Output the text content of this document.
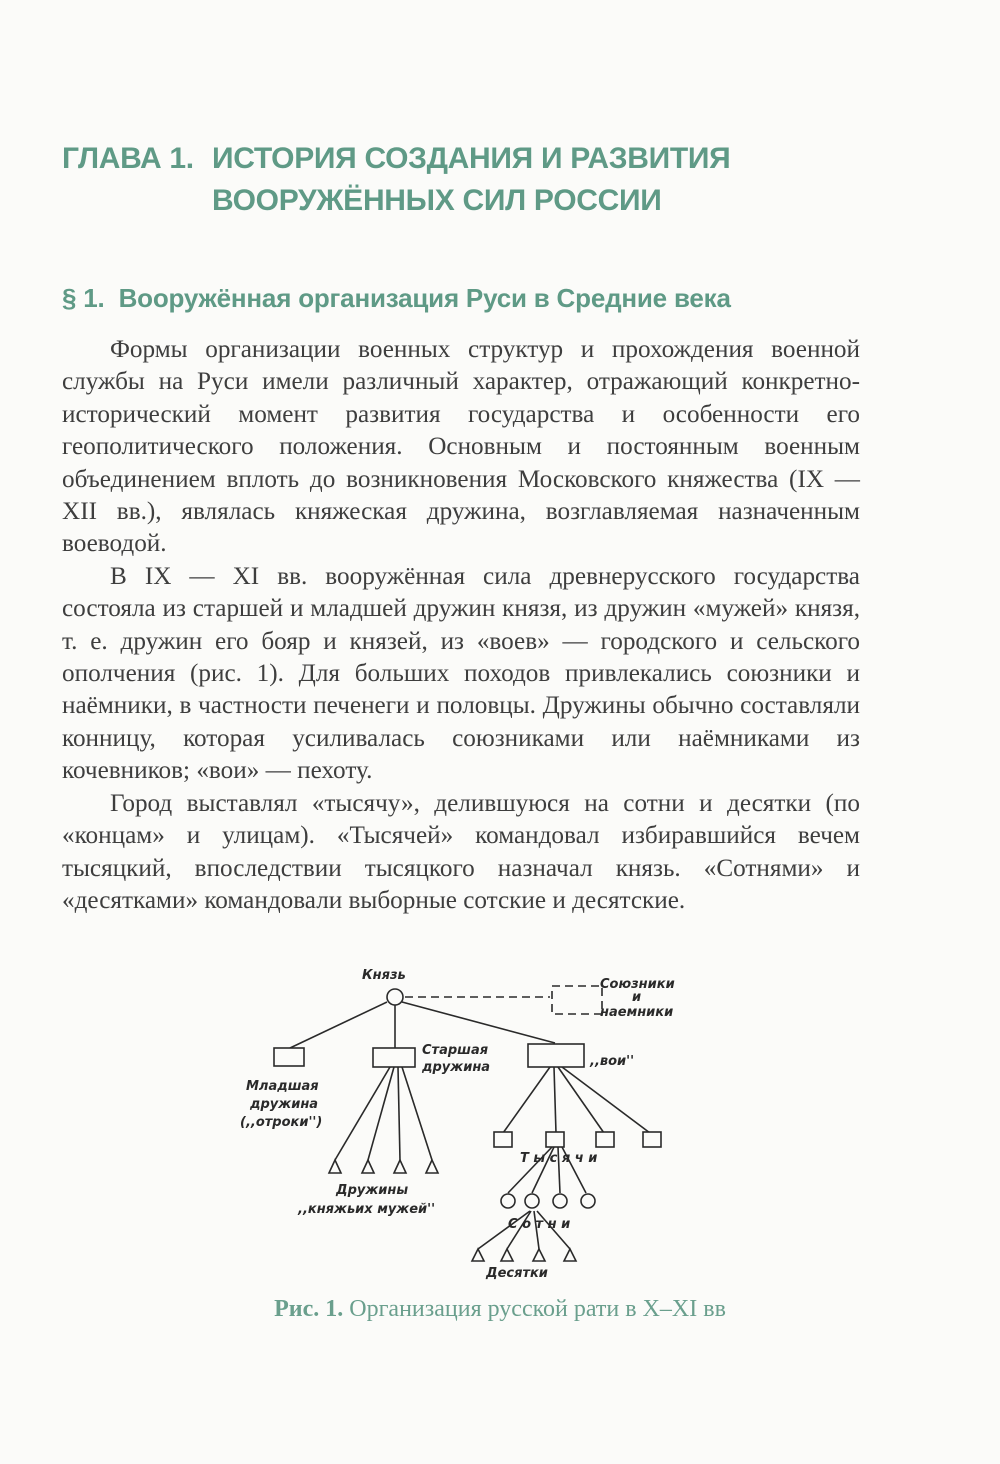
ГЛАВА 1. ИСТОРИЯ СОЗДАНИЯ И РАЗВИТИЯ
ВООРУЖЁННЫХ СИЛ РОССИИ
§ 1. Вооружённая организация Руси в Средние века

Формы организации военных структур и прохождения военной службы на Руси имели различный характер, отражающий конкретно-исторический момент развития государства и особенности его геополитического положения. Основным и постоянным военным объединением вплоть до возникновения Московского княжества (IX — XII вв.), являлась княжеская дружина, возглавляемая назначенным воеводой.

В IX — XI вв. вооружённая сила древнерусского государства состояла из старшей и младшей дружин князя, из дружин «мужей» князя, т. е. дружин его бояр и князей, из «воев» — городского и сельского ополчения (рис. 1). Для больших походов привлекались союзники и наёмники, в частности печенеги и половцы. Дружины обычно составляли конницу, которая усиливалась союзниками или наёмниками из кочевников; «вои» — пехоту.

Город выставлял «тысячу», делившуюся на сотни и десятки (по «концам» и улицам). «Тысячей» командовал избиравшийся вечем тысяцкий, впоследствии тысяцкого назначал князь. «Сотнями» и «десятками» командовали выборные сотские и десятские.

Князь
Союзники
и
наемники
Старшая
дружина	,,вои''
Младшая
дружина
(,,отроки'')
Дружины
,,княжьих мужей''
Т ы с я ч и
С о т н и
Десятки
Рис. 1. Организация русской рати в X–XI вв
